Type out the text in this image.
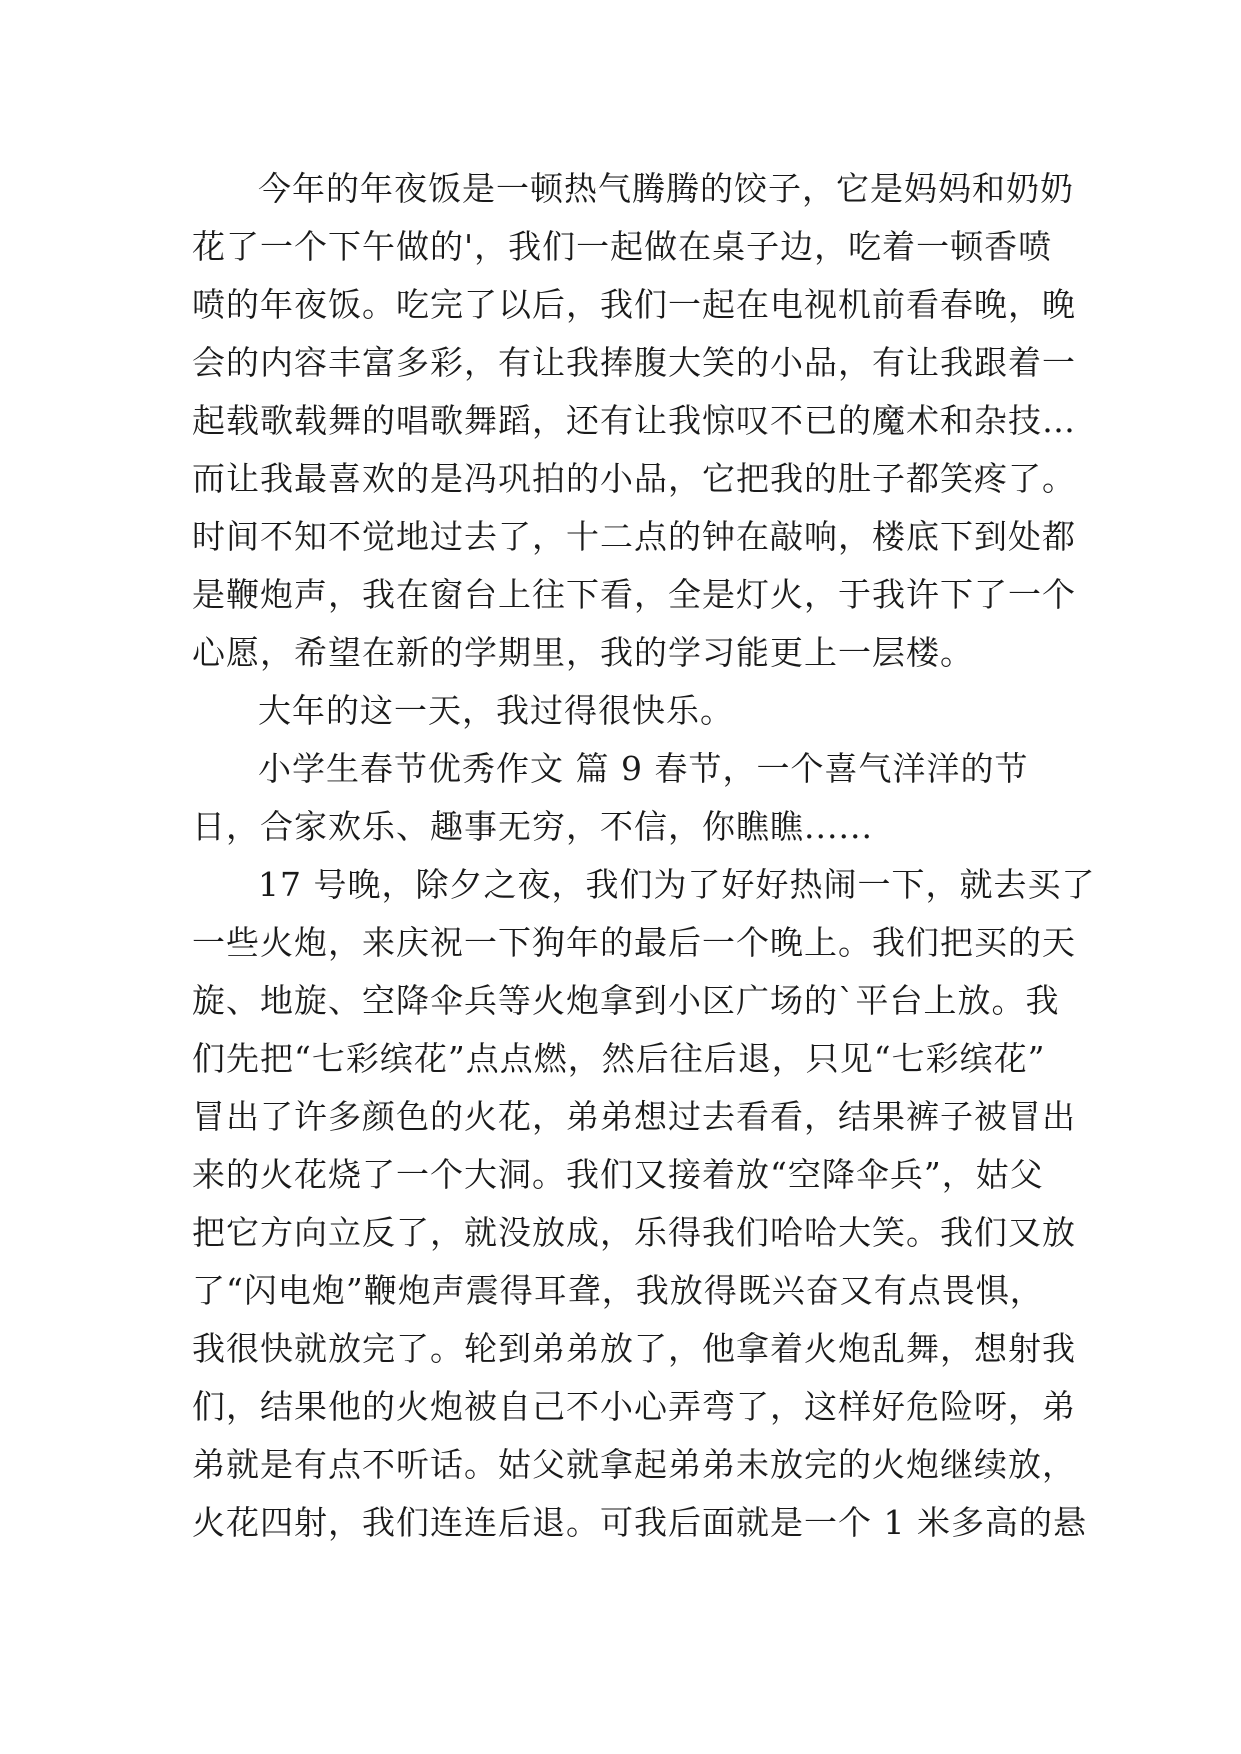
今年的年夜饭是一顿热气腾腾的饺子，它是妈妈和奶奶
花了一个下午做的'，我们一起做在桌子边，吃着一顿香喷
喷的年夜饭。吃完了以后，我们一起在电视机前看春晚，晚
会的内容丰富多彩，有让我捧腹大笑的小品，有让我跟着一
起载歌载舞的唱歌舞蹈，还有让我惊叹不已的魔术和杂技…
而让我最喜欢的是冯巩拍的小品，它把我的肚子都笑疼了。
时间不知不觉地过去了，十二点的钟在敲响，楼底下到处都
是鞭炮声，我在窗台上往下看，全是灯火，于我许下了一个
心愿，希望在新的学期里，我的学习能更上一层楼。
大年的这一天，我过得很快乐。
小学生春节优秀作文 篇 9 春节，一个喜气洋洋的节
日，合家欢乐、趣事无穷，不信，你瞧瞧......
17 号晚，除夕之夜，我们为了好好热闹一下，就去买了
一些火炮，来庆祝一下狗年的最后一个晚上。我们把买的天
旋、地旋、空降伞兵等火炮拿到小区广场的`平台上放。我
们先把“七彩缤花”点点燃，然后往后退，只见“七彩缤花”
冒出了许多颜色的火花，弟弟想过去看看，结果裤子被冒出
来的火花烧了一个大洞。我们又接着放“空降伞兵”，姑父
把它方向立反了，就没放成，乐得我们哈哈大笑。我们又放
了“闪电炮”鞭炮声震得耳聋，我放得既兴奋又有点畏惧，
我很快就放完了。轮到弟弟放了，他拿着火炮乱舞，想射我
们，结果他的火炮被自己不小心弄弯了，这样好危险呀，弟
弟就是有点不听话。姑父就拿起弟弟未放完的火炮继续放，
火花四射，我们连连后退。可我后面就是一个 1 米多高的悬
